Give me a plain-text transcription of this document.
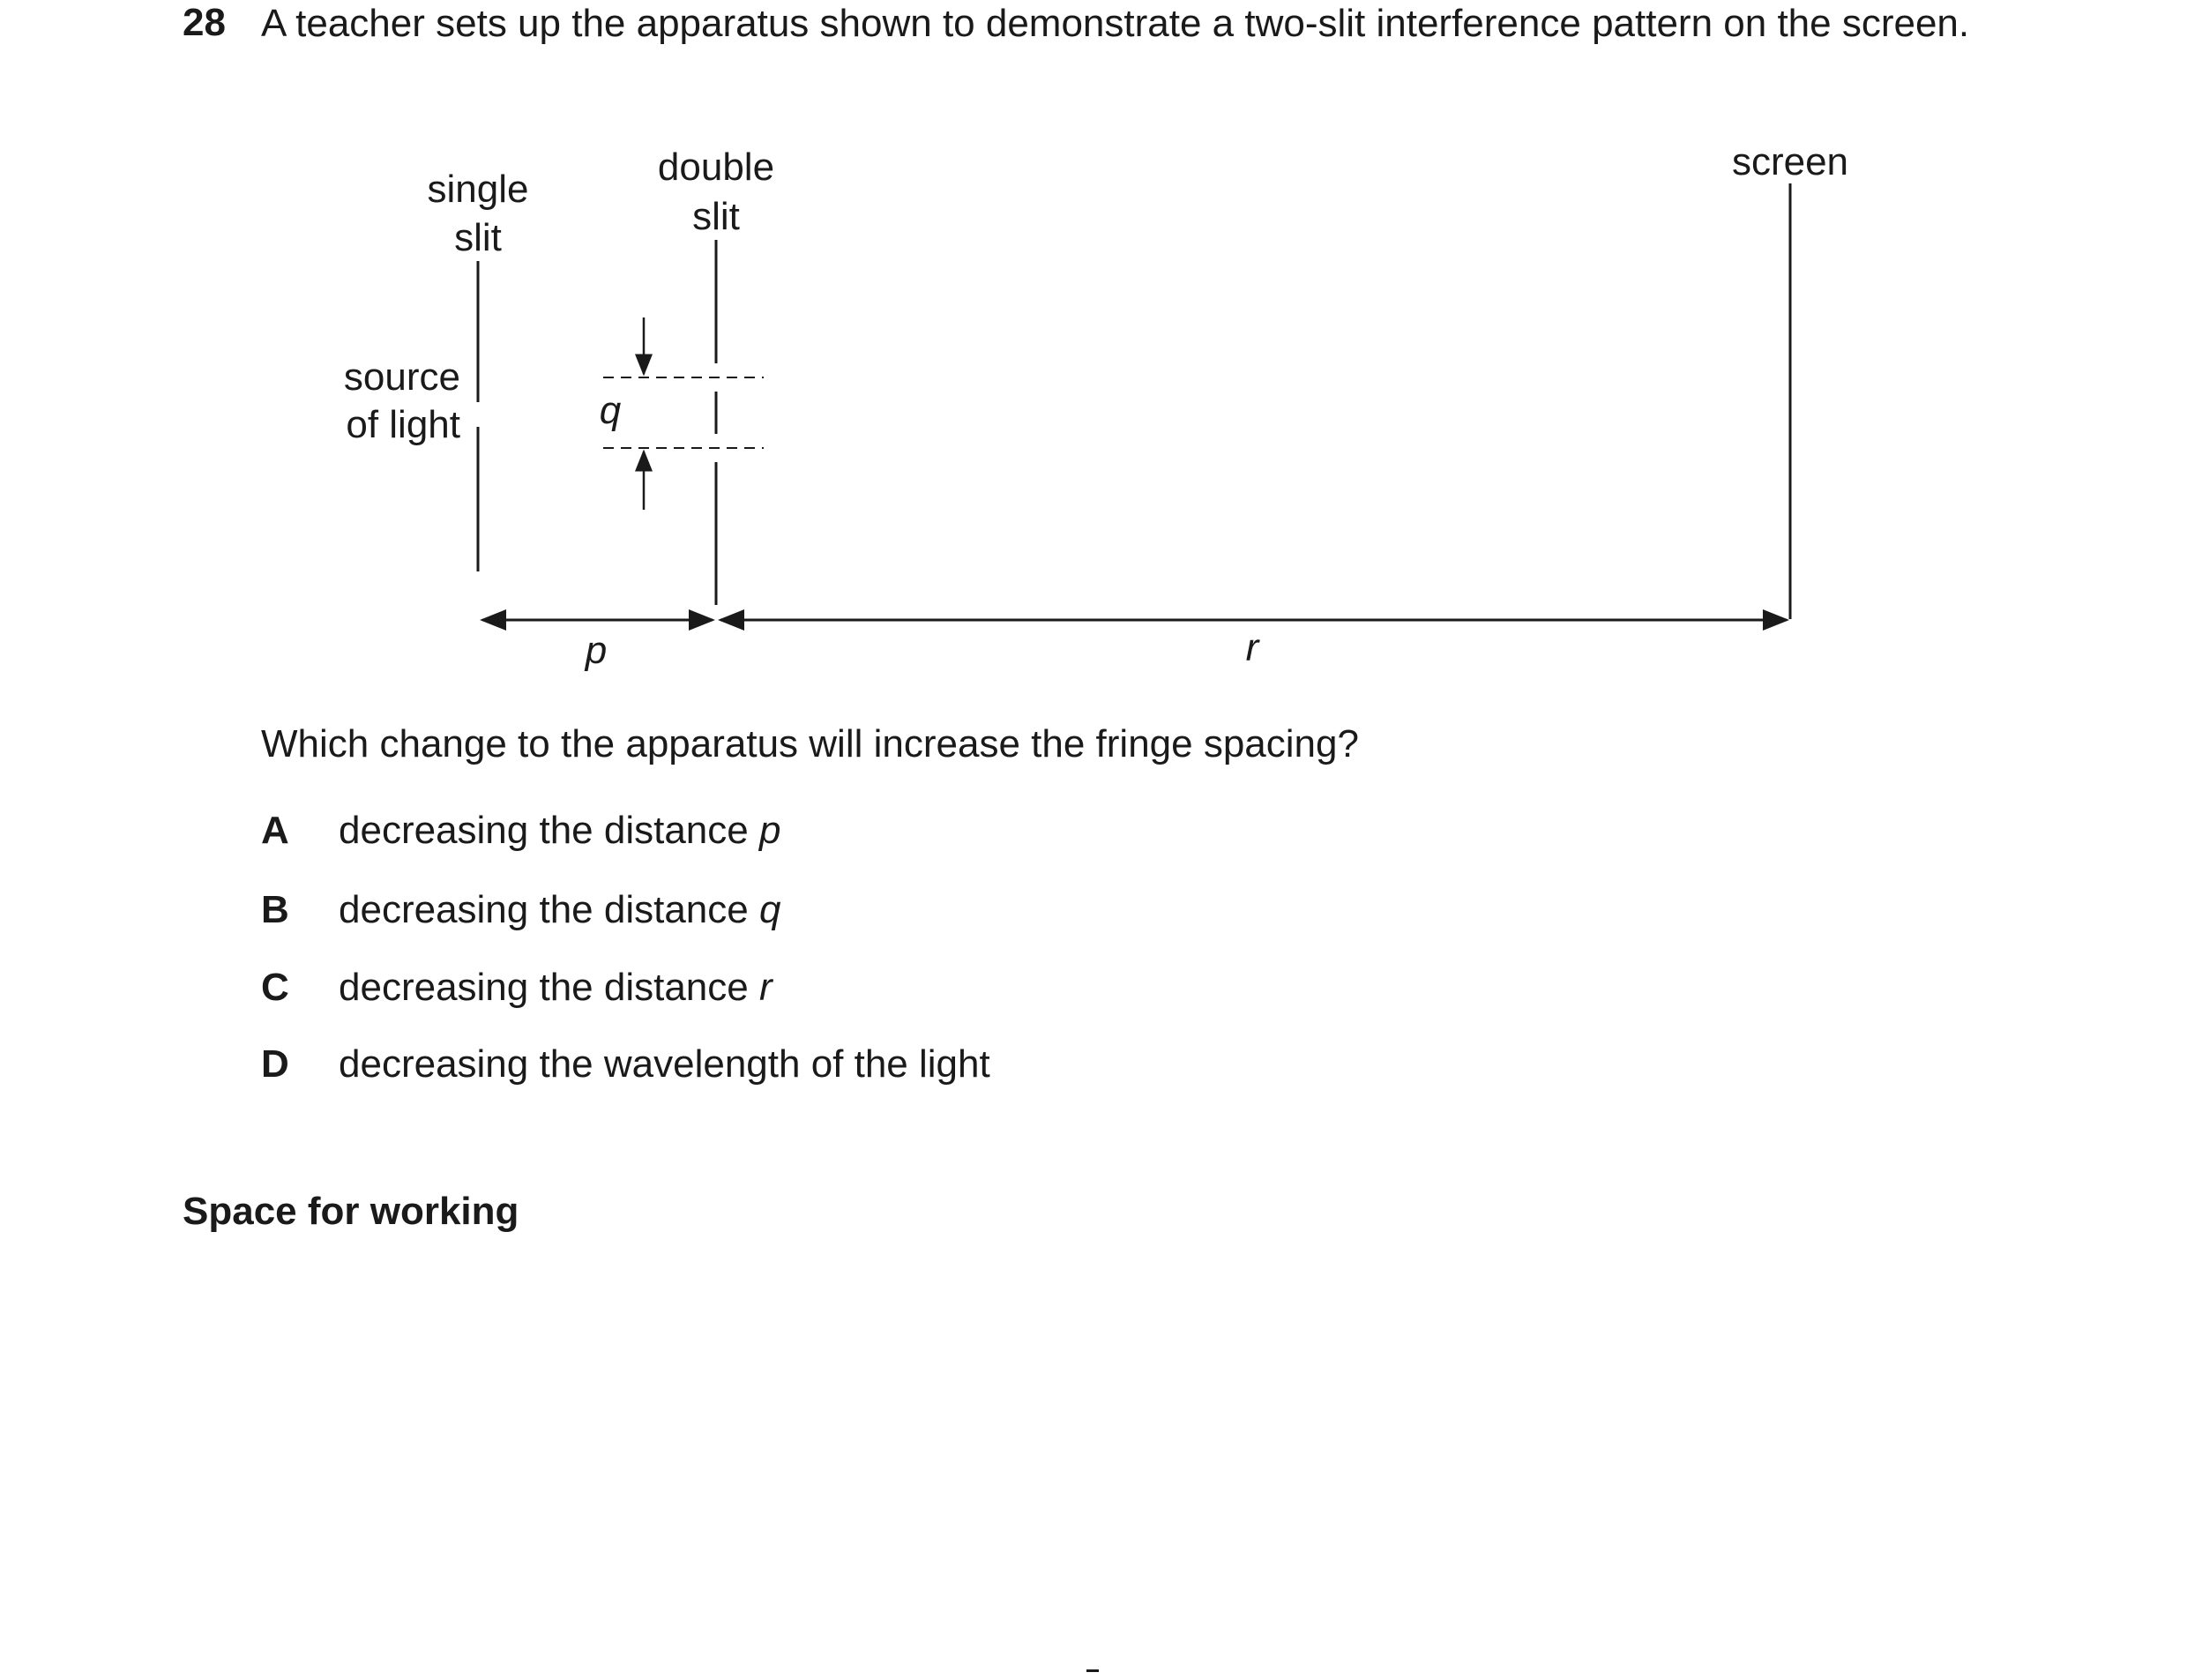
28 A teacher sets up the apparatus shown to demonstrate a two-slit interference pattern on the screen.
single
slit
double
slit
screen
source
of light	q
p	r
Which change to the apparatus will increase the fringe spacing?
A decreasing the distance p
B decreasing the distance q
C decreasing the distance r
D decreasing the wavelength of the light
Space for working
